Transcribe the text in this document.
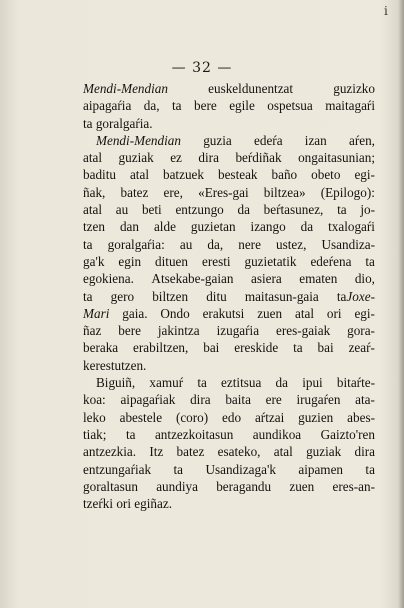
i
— 32 —
Mendi-Mendian	euskeldunentzat	guzizko
aipagaŕia da, ta bere egile ospetsua maitagaŕi
ta goralgaŕia.
Mendi-Mendian guzia edeŕa izan aŕen,
atal guziak ez dira beŕdiñak ongaitasunian;
baditu atal batzuek besteak baño obeto egi-
ñak, batez ere, «Eres-gai biltzea» (Epilogo):
atal au beti entzungo da beŕtasunez, ta jo-
tzen dan alde guzietan izango da txalogaŕi
ta goralgaŕia: au da, nere ustez, Usandiza-
ga'k egin dituen eresti guzietatik edeŕena ta
egokiena. Atsekabe-gaian asiera ematen dio,
ta gero biltzen ditu maitasun-gaia taJoxe-
Mari gaia. Ondo erakutsi zuen atal ori egi-
ñaz bere jakintza izugaŕia eres-gaiak gora-
beraka erabiltzen, bai ereskide ta bai zeaŕ-
kerestutzen.
Biguiñ, xamuŕ ta eztitsua da ipui bitaŕte-
koa: aipagaŕiak dira baita ere irugaŕen ata-
leko abestele (coro) edo aŕtzai guzien abes-
tiak; ta antzezkoitasun aundikoa Gaizto'ren
antzezkia. Itz batez esateko, atal guziak dira
entzungaŕiak ta Usandizaga'k aipamen ta
goraltasun aundiya beragandu zuen eres-an-
tzeŕki ori egiñaz.
